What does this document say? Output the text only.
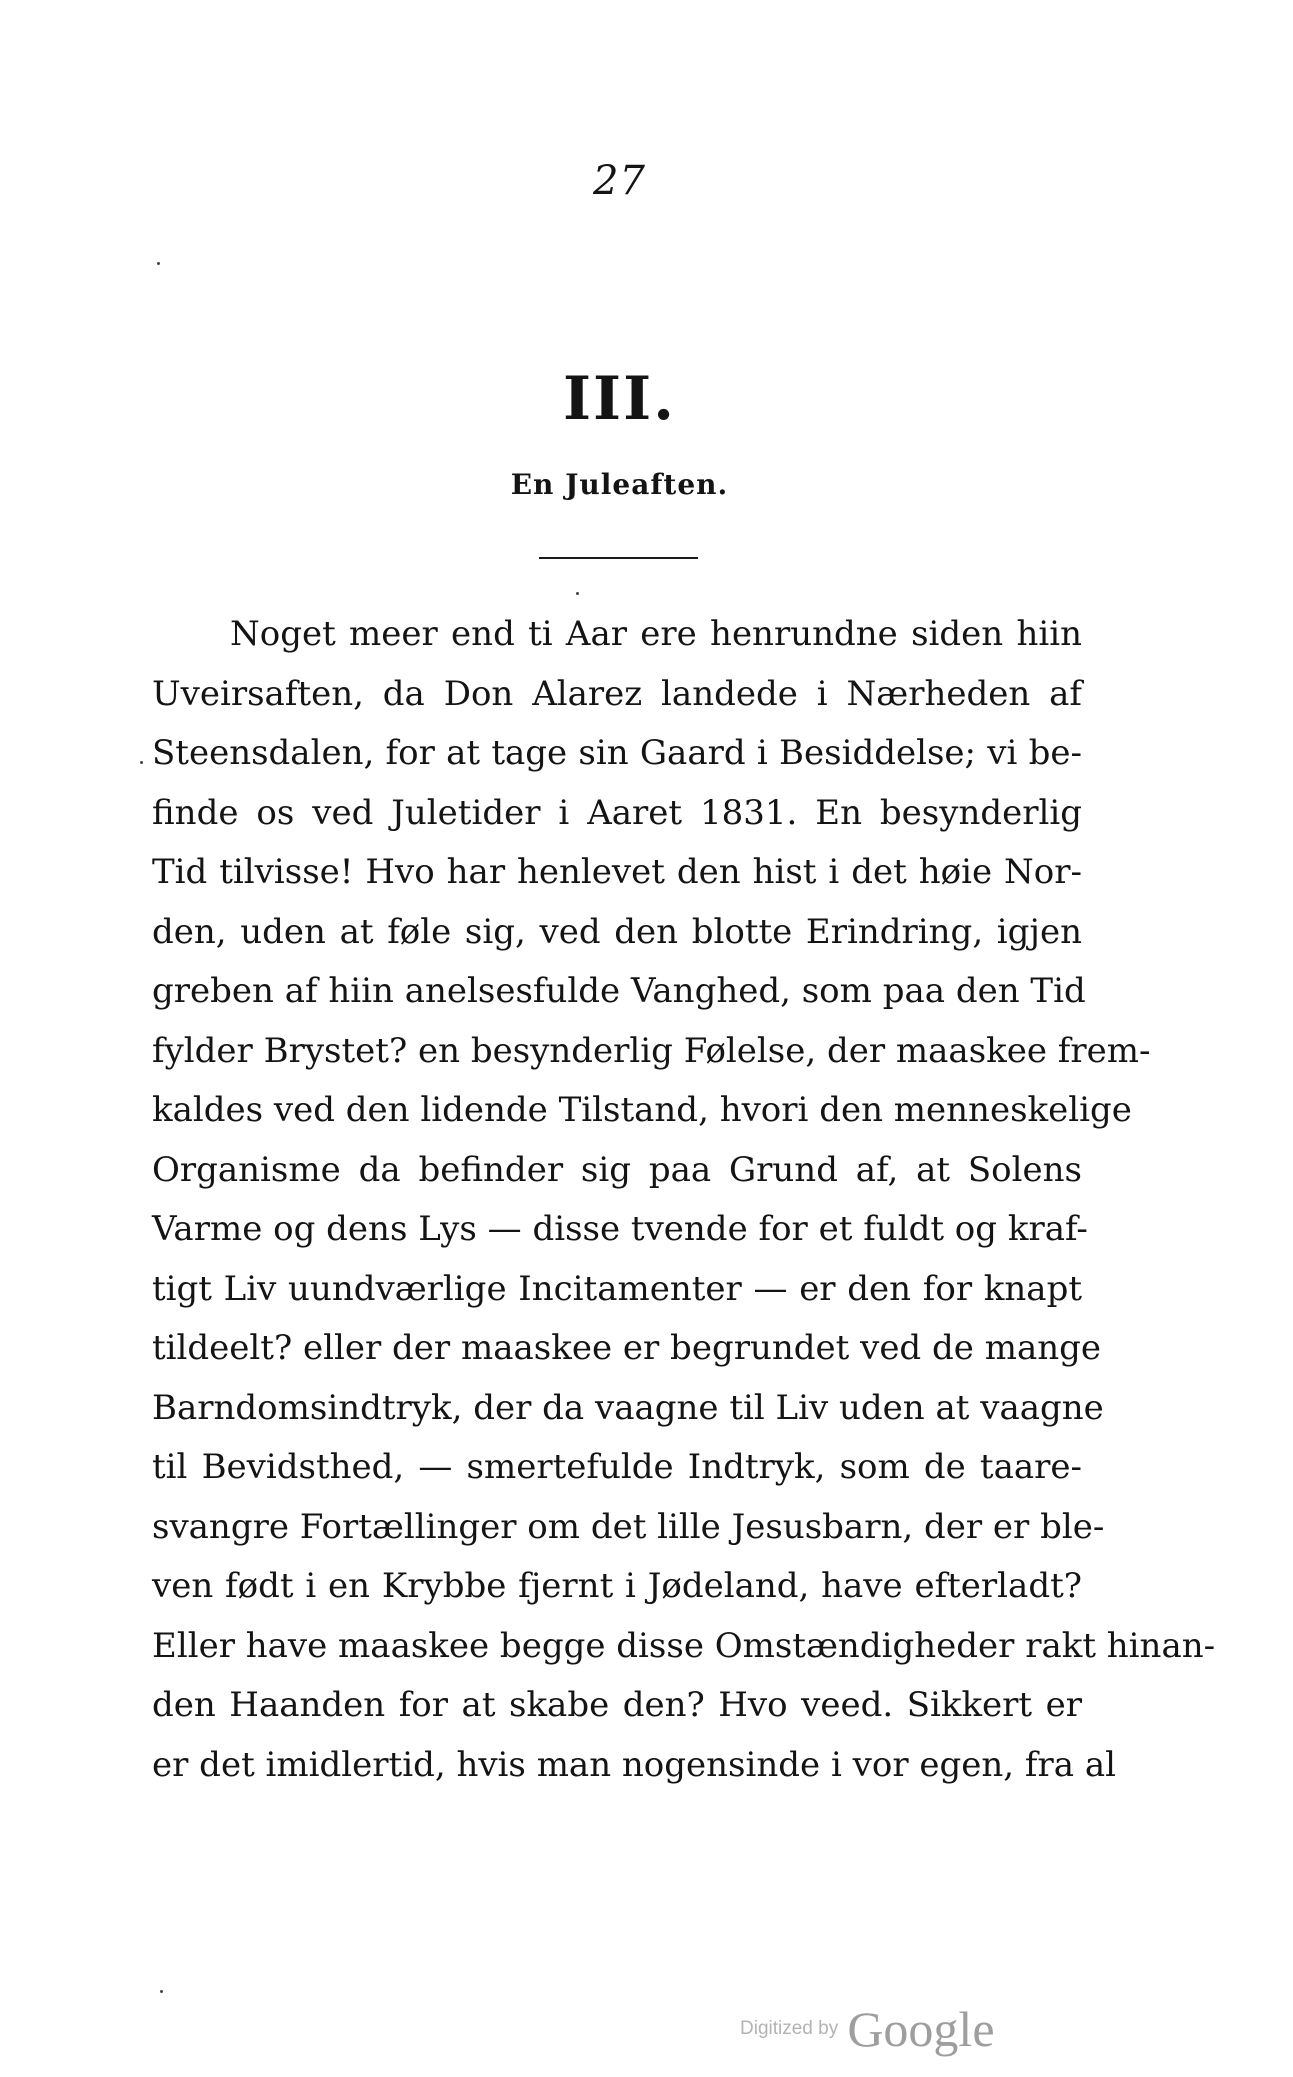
27
III.
En Juleaften.
Noget meer end ti Aar ere henrundne siden hiin
Uveirsaften, da Don Alarez landede i Nærheden af
Steensdalen, for at tage sin Gaard i Besiddelse; vi be-
finde os ved Juletider i Aaret 1831. En besynderlig
Tid tilvisse! Hvo har henlevet den hist i det høie Nor-
den, uden at føle sig, ved den blotte Erindring, igjen
greben af hiin anelsesfulde Vanghed, som paa den Tid
fylder Brystet? en besynderlig Følelse, der maaskee frem-
kaldes ved den lidende Tilstand, hvori den menneskelige
Organisme da befinder sig paa Grund af, at Solens
Varme og dens Lys — disse tvende for et fuldt og kraf-
tigt Liv uundværlige Incitamenter — er den for knapt
tildeelt? eller der maaskee er begrundet ved de mange
Barndomsindtryk, der da vaagne til Liv uden at vaagne
til Bevidsthed, — smertefulde Indtryk, som de taare-
svangre Fortællinger om det lille Jesusbarn, der er ble-
ven født i en Krybbe fjernt i Jødeland, have efterladt?
Eller have maaskee begge disse Omstændigheder rakt hinan-
den Haanden for at skabe den? Hvo veed. Sikkert er
er det imidlertid, hvis man nogensinde i vor egen, fra al
Digitized by Google
